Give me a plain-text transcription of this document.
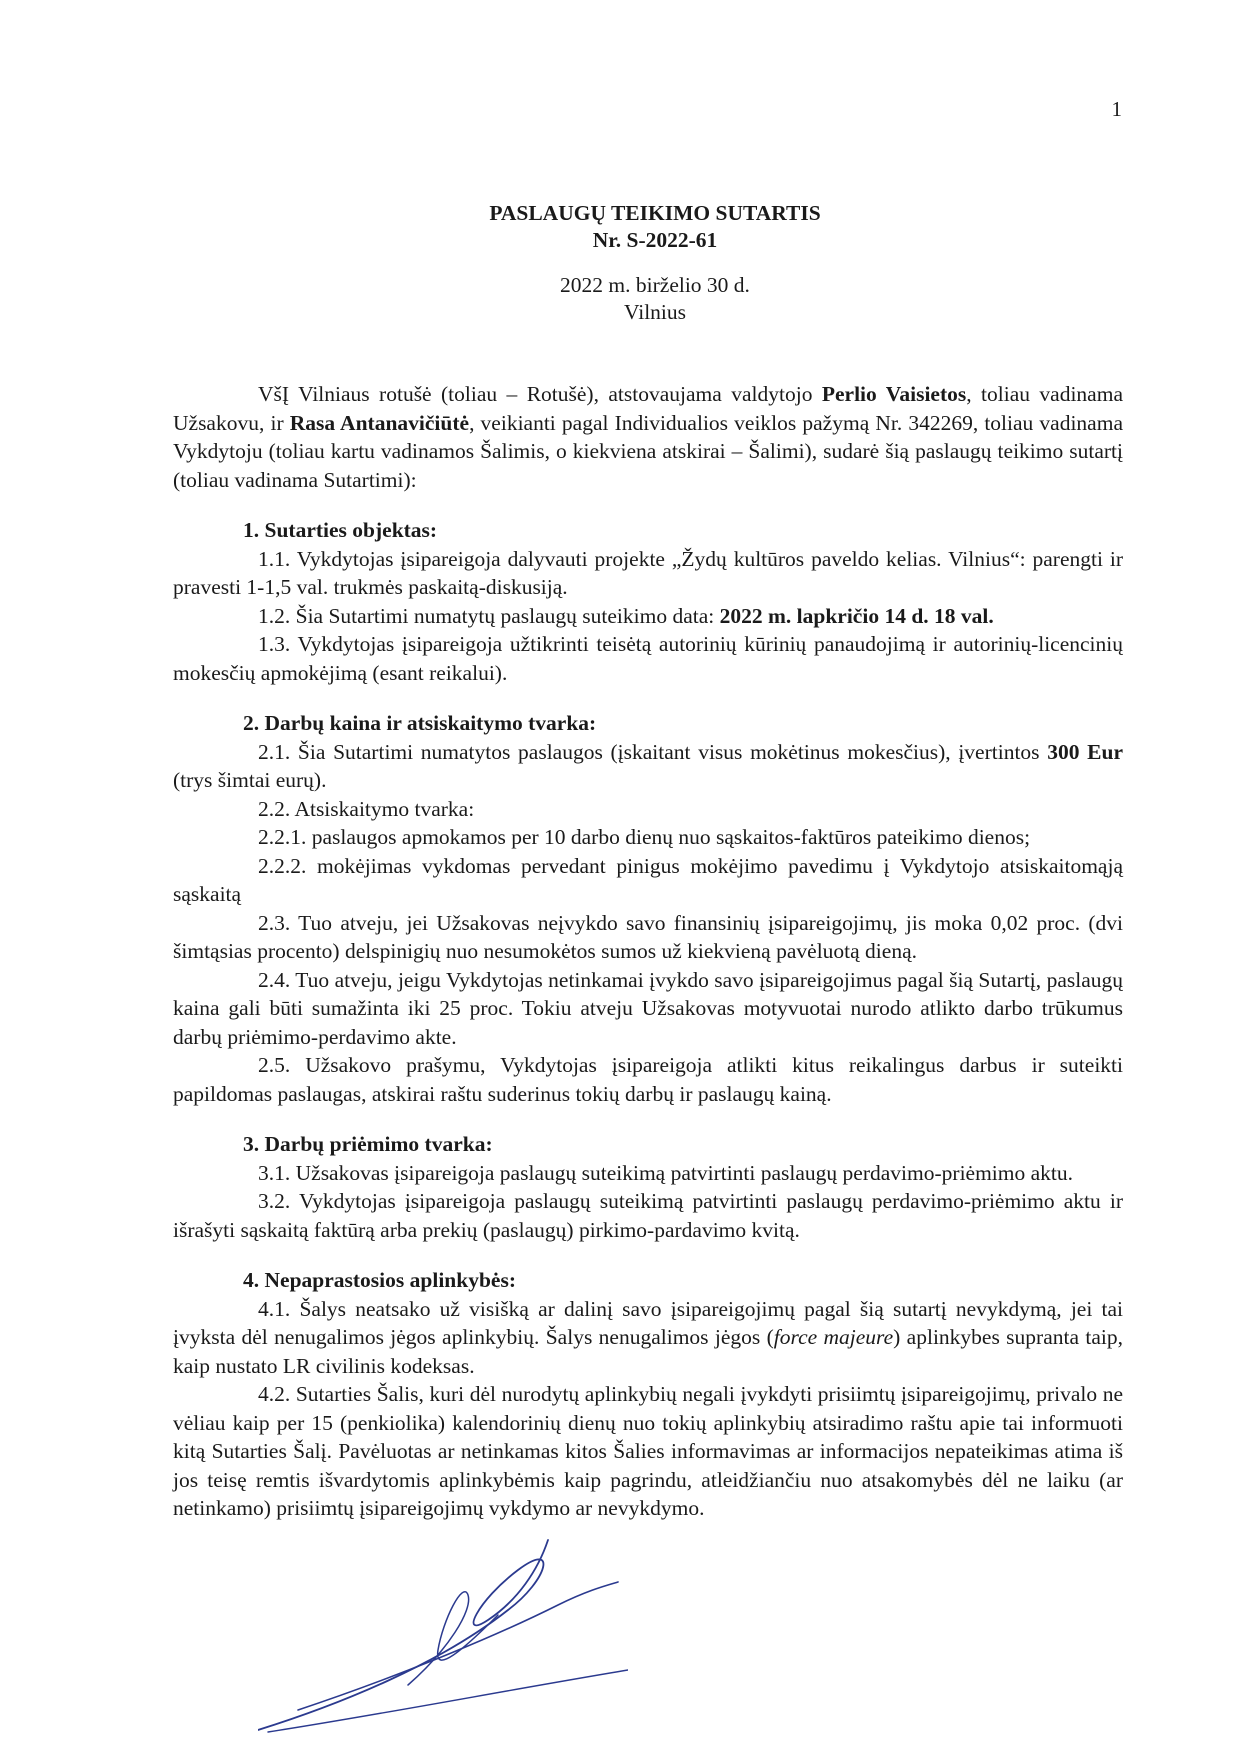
1
PASLAUGŲ TEIKIMO SUTARTIS
Nr. S-2022-61
2022 m. birželio 30 d.
Vilnius

VšĮ Vilniaus rotušė (toliau – Rotušė), atstovaujama valdytojo Perlio Vaisietos, toliau vadinama Užsakovu, ir Rasa Antanavičiūtė, veikianti pagal Individualios veiklos pažymą Nr. 342269, toliau vadinama Vykdytoju (toliau kartu vadinamos Šalimis, o kiekviena atskirai – Šalimi), sudarė šią paslaugų teikimo sutartį (toliau vadinama Sutartimi):

1. Sutarties objektas:

1.1. Vykdytojas įsipareigoja dalyvauti projekte „Žydų kultūros paveldo kelias. Vilnius“: parengti ir pravesti 1-1,5 val. trukmės paskaitą-diskusiją.

1.2. Šia Sutartimi numatytų paslaugų suteikimo data: 2022 m. lapkričio 14 d. 18 val.

1.3. Vykdytojas įsipareigoja užtikrinti teisėtą autorinių kūrinių panaudojimą ir autorinių-licencinių mokesčių apmokėjimą (esant reikalui).

2. Darbų kaina ir atsiskaitymo tvarka:

2.1. Šia Sutartimi numatytos paslaugos (įskaitant visus mokėtinus mokesčius), įvertintos 300 Eur (trys šimtai eurų).

2.2. Atsiskaitymo tvarka:

2.2.1. paslaugos apmokamos per 10 darbo dienų nuo sąskaitos-faktūros pateikimo dienos;

2.2.2. mokėjimas vykdomas pervedant pinigus mokėjimo pavedimu į Vykdytojo atsiskaitomąją sąskaitą

2.3. Tuo atveju, jei Užsakovas neįvykdo savo finansinių įsipareigojimų, jis moka 0,02 proc. (dvi šimtąsias procento) delspinigių nuo nesumokėtos sumos už kiekvieną pavėluotą dieną.

2.4. Tuo atveju, jeigu Vykdytojas netinkamai įvykdo savo įsipareigojimus pagal šią Sutartį, paslaugų kaina gali būti sumažinta iki 25 proc. Tokiu atveju Užsakovas motyvuotai nurodo atlikto darbo trūkumus darbų priėmimo-perdavimo akte.

2.5. Užsakovo prašymu, Vykdytojas įsipareigoja atlikti kitus reikalingus darbus ir suteikti papildomas paslaugas, atskirai raštu suderinus tokių darbų ir paslaugų kainą.

3. Darbų priėmimo tvarka:

3.1. Užsakovas įsipareigoja paslaugų suteikimą patvirtinti paslaugų perdavimo-priėmimo aktu.

3.2. Vykdytojas įsipareigoja paslaugų suteikimą patvirtinti paslaugų perdavimo-priėmimo aktu ir išrašyti sąskaitą faktūrą arba prekių (paslaugų) pirkimo-pardavimo kvitą.

4. Nepaprastosios aplinkybės:

4.1. Šalys neatsako už visišką ar dalinį savo įsipareigojimų pagal šią sutartį nevykdymą, jei tai įvyksta dėl nenugalimos jėgos aplinkybių. Šalys nenugalimos jėgos (force majeure) aplinkybes supranta taip, kaip nustato LR civilinis kodeksas.

4.2. Sutarties Šalis, kuri dėl nurodytų aplinkybių negali įvykdyti prisiimtų įsipareigojimų, privalo ne vėliau kaip per 15 (penkiolika) kalendorinių dienų nuo tokių aplinkybių atsiradimo raštu apie tai informuoti kitą Sutarties Šalį. Pavėluotas ar netinkamas kitos Šalies informavimas ar informacijos nepateikimas atima iš jos teisę remtis išvardytomis aplinkybėmis kaip pagrindu, atleidžiančiu nuo atsakomybės dėl ne laiku (ar netinkamo) prisiimtų įsipareigojimų vykdymo ar nevykdymo.
